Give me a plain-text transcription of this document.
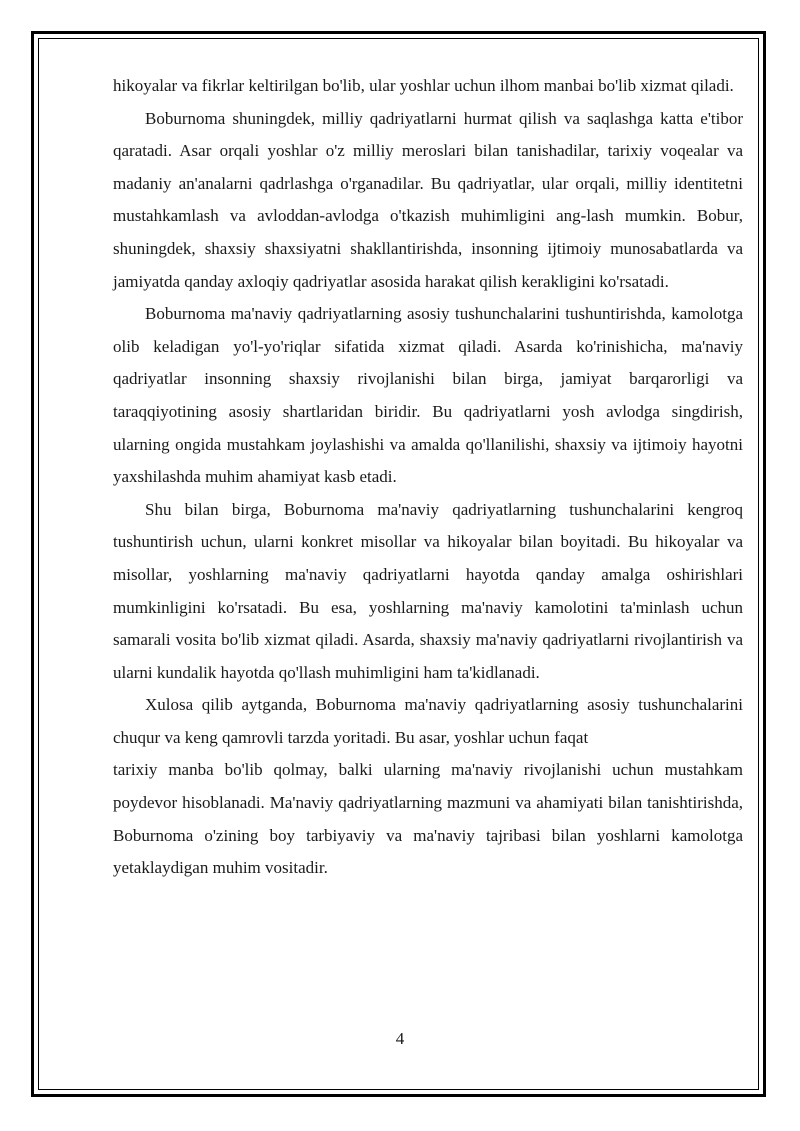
hikoyalar va fikrlar keltirilgan bo'lib, ular yoshlar uchun ilhom manbai bo'lib xizmat qiladi.

Boburnoma shuningdek, milliy qadriyatlarni hurmat qilish va saqlashga katta e'tibor qaratadi. Asar orqali yoshlar o'z milliy meroslari bilan tanishadilar, tarixiy voqealar va madaniy an'analarni qadrlashga o'rganadilar. Bu qadriyatlar, ular orqali, milliy identitetni mustahkamlash va avloddan-avlodga o'tkazish muhimligini ang-lash mumkin. Bobur, shuningdek, shaxsiy shaxsiyatni shakllantirishda, insonning ijtimoiy munosabatlarda va jamiyatda qanday axloqiy qadriyatlar asosida harakat qilish kerakligini ko'rsatadi.

Boburnoma ma'naviy qadriyatlarning asosiy tushunchalarini tushuntirishda, kamolotga olib keladigan yo'l-yo'riqlar sifatida xizmat qiladi. Asarda ko'rinishicha, ma'naviy qadriyatlar insonning shaxsiy rivojlanishi bilan birga, jamiyat barqarorligi va taraqqiyotining asosiy shartlaridan biridir. Bu qadriyatlarni yosh avlodga singdirish, ularning ongida mustahkam joylashishi va amalda qo'llanilishi, shaxsiy va ijtimoiy hayotni yaxshilashda muhim ahamiyat kasb etadi.

Shu bilan birga, Boburnoma ma'naviy qadriyatlarning tushunchalarini kengroq tushuntirish uchun, ularni konkret misollar va hikoyalar bilan boyitadi. Bu hikoyalar va misollar, yoshlarning ma'naviy qadriyatlarni hayotda qanday amalga oshirishlari mumkinligini ko'rsatadi. Bu esa, yoshlarning ma'naviy kamolotini ta'minlash uchun samarali vosita bo'lib xizmat qiladi. Asarda, shaxsiy ma'naviy qadriyatlarni rivojlantirish va ularni kundalik hayotda qo'llash muhimligini ham ta'kidlanadi.

Xulosa qilib aytganda, Boburnoma ma'naviy qadriyatlarning asosiy tushunchalarini chuqur va keng qamrovli tarzda yoritadi. Bu asar, yoshlar uchun faqat

tarixiy manba bo'lib qolmay, balki ularning ma'naviy rivojlanishi uchun mustahkam poydevor hisoblanadi. Ma'naviy qadriyatlarning mazmuni va ahamiyati bilan tanishtirishda, Boburnoma o'zining boy tarbiyaviy va ma'naviy tajribasi bilan yoshlarni kamolotga yetaklaydigan muhim vositadir.

4
